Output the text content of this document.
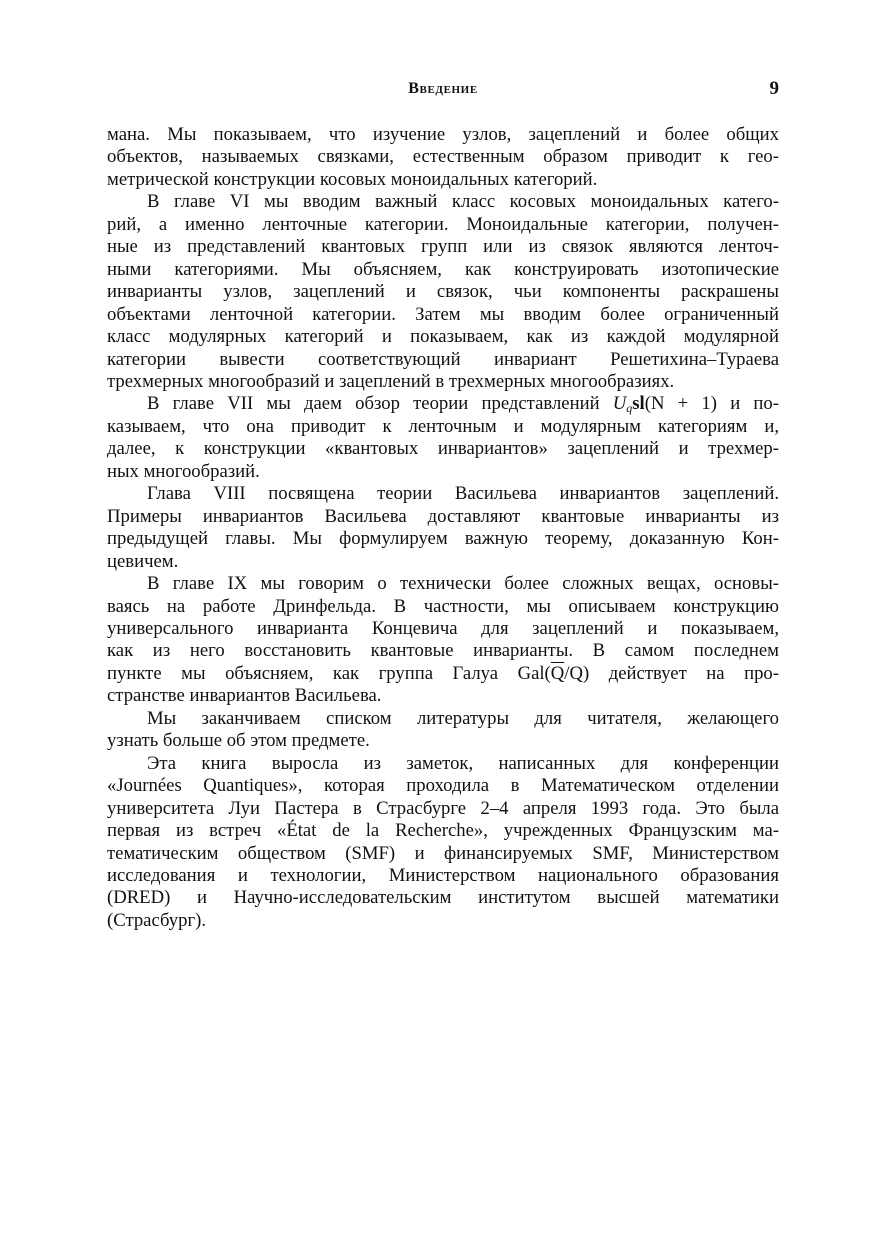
Введение	9

мана. Мы показываем, что изучение узлов, зацеплений и более общих
объектов, называемых связками, естественным образом приводит к гео-
метрической конструкции косовых моноидальных категорий.

В главе VI мы вводим важный класс косовых моноидальных катего-
рий, а именно ленточные категории. Моноидальные категории, получен-
ные из представлений квантовых групп или из связок являются ленточ-
ными категориями. Мы объясняем, как конструировать изотопические
инварианты узлов, зацеплений и связок, чьи компоненты раскрашены
объектами ленточной категории. Затем мы вводим более ограниченный
класс модулярных категорий и показываем, как из каждой модулярной
категории вывести соответствующий инвариант Решетихина–Тураева
трехмерных многообразий и зацеплений в трехмерных многообразиях.

В главе VII мы даем обзор теории представлений $U_qsl(N + 1)$ и по-
казываем, что она приводит к ленточным и модулярным категориям и,
далее, к конструкции «квантовых инвариантов» зацеплений и трехмер-
ных многообразий.

Глава VIII посвящена теории Васильева инвариантов зацеплений.
Примеры инвариантов Васильева доставляют квантовые инварианты из
предыдущей главы. Мы формулируем важную теорему, доказанную Кон-
цевичем.

В главе IX мы говорим о технически более сложных вещах, основы-
ваясь на работе Дринфельда. В частности, мы описываем конструкцию
универсального инварианта Концевича для зацеплений и показываем,
как из него восстановить квантовые инварианты. В самом последнем
пункте мы объясняем, как группа Галуа $Gal(\overline{Q}/Q)$ действует на про-
странстве инвариантов Васильева.

Мы заканчиваем списком литературы для читателя, желающего
узнать больше об этом предмете.

Эта книга выросла из заметок, написанных для конференции
«Journées Quantiques», которая проходила в Математическом отделении
университета Луи Пастера в Страсбурге 2–4 апреля 1993 года. Это была
первая из встреч «État de la Recherche», учрежденных Французским ма-
тематическим обществом (SMF) и финансируемых SMF, Министерством
исследования и технологии, Министерством национального образования
(DRED) и Научно-исследовательским институтом высшей математики
(Страсбург).
